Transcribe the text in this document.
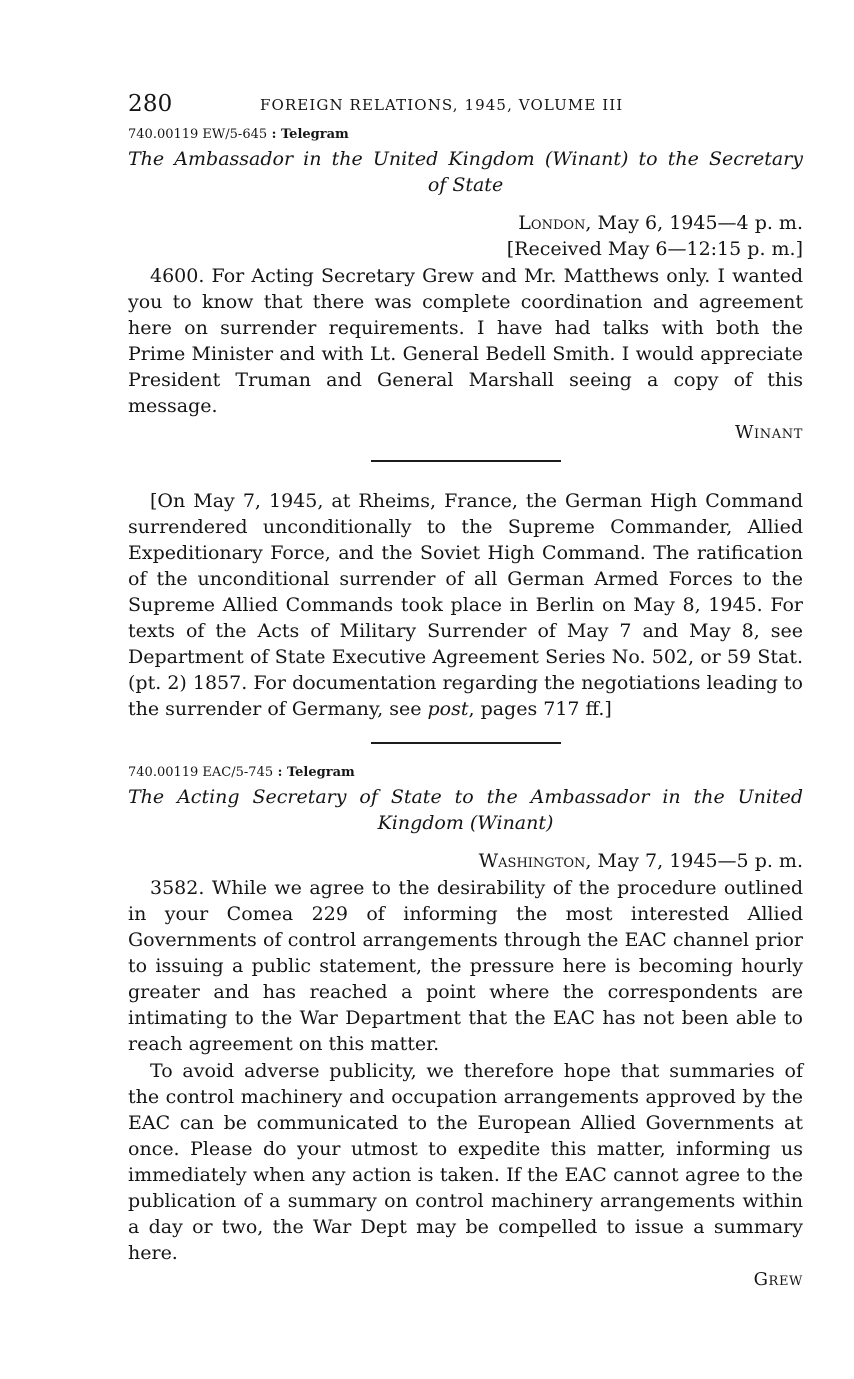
280	FOREIGN RELATIONS, 1945, VOLUME III
740.00119 EW/5-645 : Telegram
The Ambassador in the United Kingdom (Winant) to the Secretary
of State
London, May 6, 1945—4 p. m.
[Received May 6—12:15 p. m.]

4600. For Acting Secretary Grew and Mr. Matthews only. I wanted you to know that there was complete coordination and agreement here on surrender requirements. I have had talks with both the Prime Minister and with Lt. General Bedell Smith. I would appreciate President Truman and General Marshall seeing a copy of this message.

Winant

[On May 7, 1945, at Rheims, France, the German High Command surrendered unconditionally to the Supreme Commander, Allied Expeditionary Force, and the Soviet High Command. The ratification of the unconditional surrender of all German Armed Forces to the Supreme Allied Commands took place in Berlin on May 8, 1945. For texts of the Acts of Military Surrender of May 7 and May 8, see Department of State Executive Agreement Series No. 502, or 59 Stat. (pt. 2) 1857. For documentation regarding the negotiations leading to the surrender of Germany, see post, pages 717 ff.]

740.00119 EAC/5-745 : Telegram
The Acting Secretary of State to the Ambassador in the United
Kingdom (Winant)
Washington, May 7, 1945—5 p. m.

3582. While we agree to the desirability of the procedure outlined in your Comea 229 of informing the most interested Allied Governments of control arrangements through the EAC channel prior to issuing a public statement, the pressure here is becoming hourly greater and has reached a point where the correspondents are intimating to the War Department that the EAC has not been able to reach agreement on this matter.

To avoid adverse publicity, we therefore hope that summaries of the control machinery and occupation arrangements approved by the EAC can be communicated to the European Allied Governments at once. Please do your utmost to expedite this matter, informing us immediately when any action is taken. If the EAC cannot agree to the publication of a summary on control machinery arrangements within a day or two, the War Dept may be compelled to issue a summary here.

Grew
